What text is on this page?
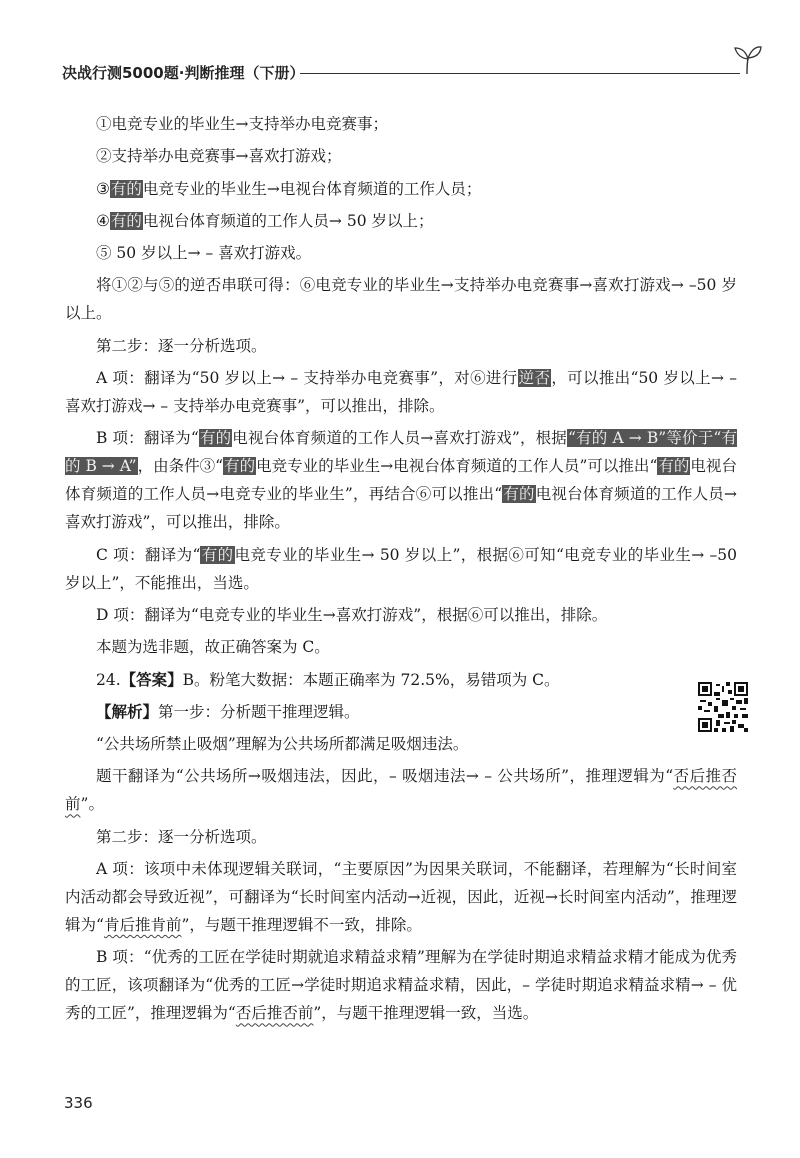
决战行测5000题·判断推理（下册）

①电竞专业的毕业生→支持举办电竞赛事；

②支持举办电竞赛事→喜欢打游戏；

③有的电竞专业的毕业生→电视台体育频道的工作人员；

④有的电视台体育频道的工作人员→ 50 岁以上；

⑤ 50 岁以上→ – 喜欢打游戏。

将①②与⑤的逆否串联可得：⑥电竞专业的毕业生→支持举办电竞赛事→喜欢打游戏→ –50 岁以上。

第二步：逐一分析选项。

A 项：翻译为“50 岁以上→ – 支持举办电竞赛事”，对⑥进行逆否，可以推出“50 岁以上→ – 喜欢打游戏→ – 支持举办电竞赛事”，可以推出，排除。

B 项：翻译为“有的电视台体育频道的工作人员→喜欢打游戏”，根据“有的 A → B”等价于“有的 B → A”，由条件③“有的电竞专业的毕业生→电视台体育频道的工作人员”可以推出“有的电视台体育频道的工作人员→电竞专业的毕业生”，再结合⑥可以推出“有的电视台体育频道的工作人员→喜欢打游戏”，可以推出，排除。

C 项：翻译为“有的电竞专业的毕业生→ 50 岁以上”，根据⑥可知“电竞专业的毕业生→ –50 岁以上”，不能推出，当选。

D 项：翻译为“电竞专业的毕业生→喜欢打游戏”，根据⑥可以推出，排除。

本题为选非题，故正确答案为 C。

24.【答案】B。粉笔大数据：本题正确率为 72.5%，易错项为 C。

【解析】第一步：分析题干推理逻辑。

“公共场所禁止吸烟”理解为公共场所都满足吸烟违法。

题干翻译为“公共场所→吸烟违法，因此，– 吸烟违法→ – 公共场所”，推理逻辑为“否后推否前”。

第二步：逐一分析选项。

A 项：该项中未体现逻辑关联词，“主要原因”为因果关联词，不能翻译，若理解为“长时间室内活动都会导致近视”，可翻译为“长时间室内活动→近视，因此，近视→长时间室内活动”，推理逻辑为“肯后推肯前”，与题干推理逻辑不一致，排除。

B 项：“优秀的工匠在学徒时期就追求精益求精”理解为在学徒时期追求精益求精才能成为优秀的工匠，该项翻译为“优秀的工匠→学徒时期追求精益求精，因此，– 学徒时期追求精益求精→ – 优秀的工匠”，推理逻辑为“否后推否前”，与题干推理逻辑一致，当选。

336
